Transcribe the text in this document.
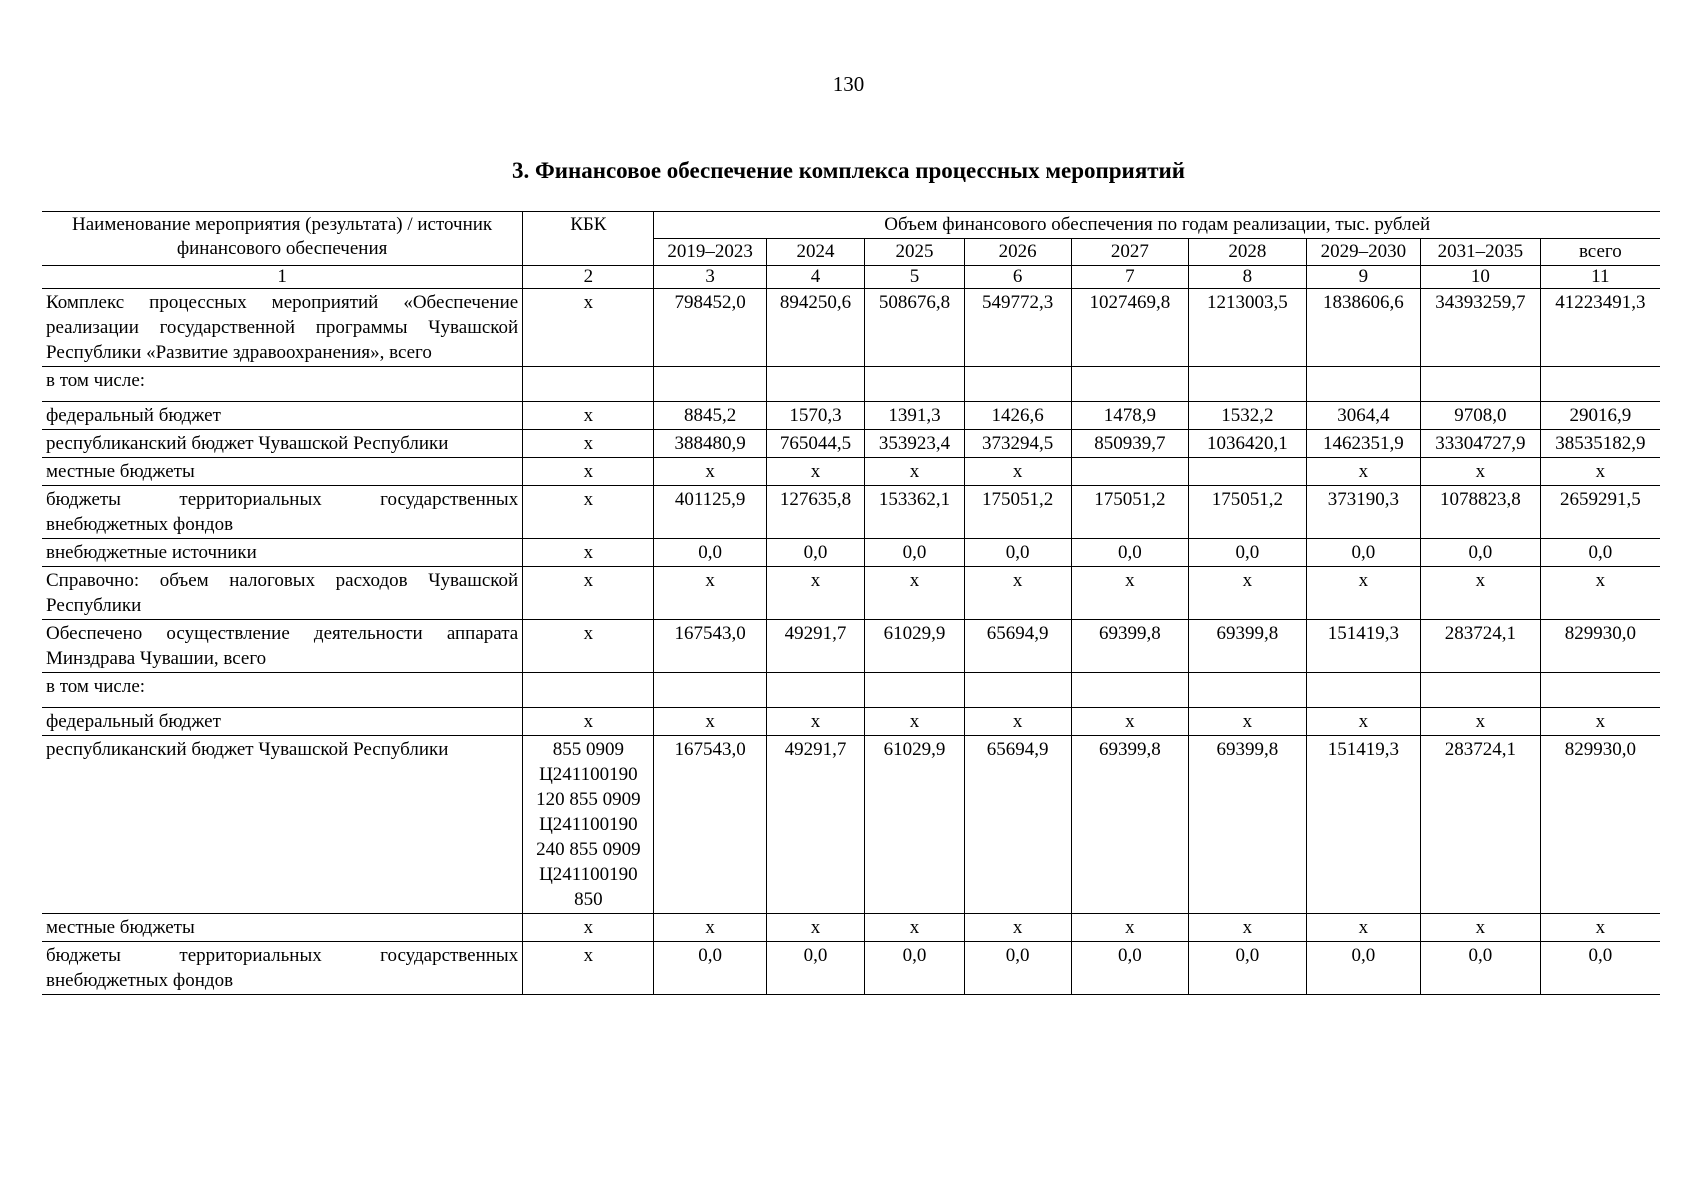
130
3. Финансовое обеспечение комплекса процессных мероприятий
Наименование мероприятия (результата) / источник финансового обеспечения	КБК	Объем финансового обеспечения по годам реализации, тыс. рублей								
		2019–2023	2024	2025	2026	2027	2028	2029–2030	2031–2035	всего
1	2	3	4	5	6	7	8	9	10	11
Комплекс процессных мероприятий «Обеспечение реализации государственной программы Чувашской Республики «Развитие здравоохранения», всего	х	798452,0	894250,6	508676,8	549772,3	1027469,8	1213003,5	1838606,6	34393259,7	41223491,3
в том числе:										
федеральный бюджет	х	8845,2	1570,3	1391,3	1426,6	1478,9	1532,2	3064,4	9708,0	29016,9
республиканский бюджет Чувашской Республики	х	388480,9	765044,5	353923,4	373294,5	850939,7	1036420,1	1462351,9	33304727,9	38535182,9
местные бюджеты	х	х	х	х	х			х	х	х
бюджеты территориальных государственных внебюджетных фондов	х	401125,9	127635,8	153362,1	175051,2	175051,2	175051,2	373190,3	1078823,8	2659291,5
внебюджетные источники	х	0,0	0,0	0,0	0,0	0,0	0,0	0,0	0,0	0,0
Справочно: объем налоговых расходов Чувашской Республики	х	х	х	х	х	х	х	х	х	х
Обеспечено осуществление деятельности аппарата Минздрава Чувашии, всего	х	167543,0	49291,7	61029,9	65694,9	69399,8	69399,8	151419,3	283724,1	829930,0
в том числе:										
федеральный бюджет	х	х	х	х	х	х	х	х	х	х
республиканский бюджет Чувашской Республики	855 0909 Ц241100190 120 855 0909 Ц241100190 240 855 0909 Ц241100190 850	167543,0	49291,7	61029,9	65694,9	69399,8	69399,8	151419,3	283724,1	829930,0
местные бюджеты	х	х	х	х	х	х	х	х	х	х
бюджеты территориальных государственных внебюджетных фондов	х	0,0	0,0	0,0	0,0	0,0	0,0	0,0	0,0	0,0
